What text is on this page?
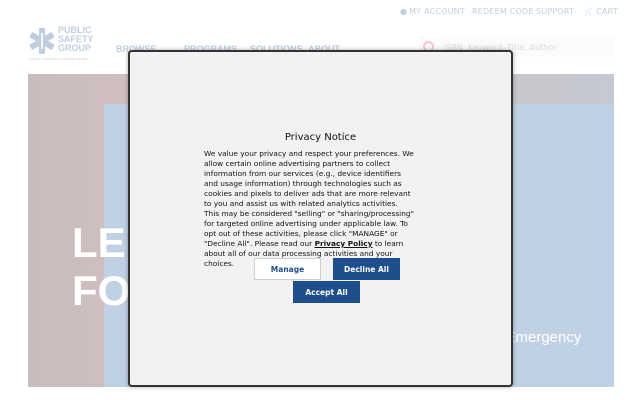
ISBN, Keyword, Title, Author
Privacy Notice
We value your privacy and respect your preferences. We allow certain online advertising partners to collect information from our services (e.g., device identifiers and usage information) through technologies such as cookies and pixels to deliver ads that are more relevant to you and assist us with related analytics activities. This may be considered "selling" or "sharing/processing" for targeted online advertising under applicable law. To opt out of these activities, please click "MANAGE" or "Decline All". Please read our Privacy Policy to learn about all of our data processing activities and your choices.
Manage	Decline All
Accept All
